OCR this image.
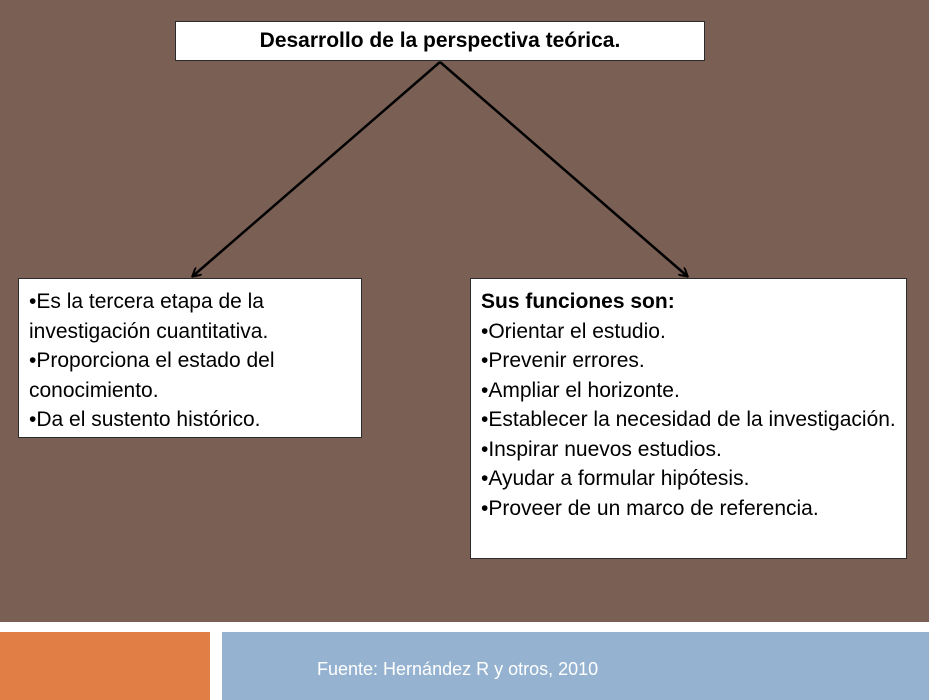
Desarrollo de la perspectiva teórica.
•Es la tercera etapa de la investigación cuantitativa.
•Proporciona el estado del conocimiento.
•Da el sustento histórico.
Sus funciones son:
•Orientar el estudio.
•Prevenir errores.
•Ampliar el horizonte.
•Establecer la necesidad de la investigación.
•Inspirar nuevos estudios.
•Ayudar a formular hipótesis.
•Proveer de un marco de referencia.
Fuente: Hernández R y otros, 2010
